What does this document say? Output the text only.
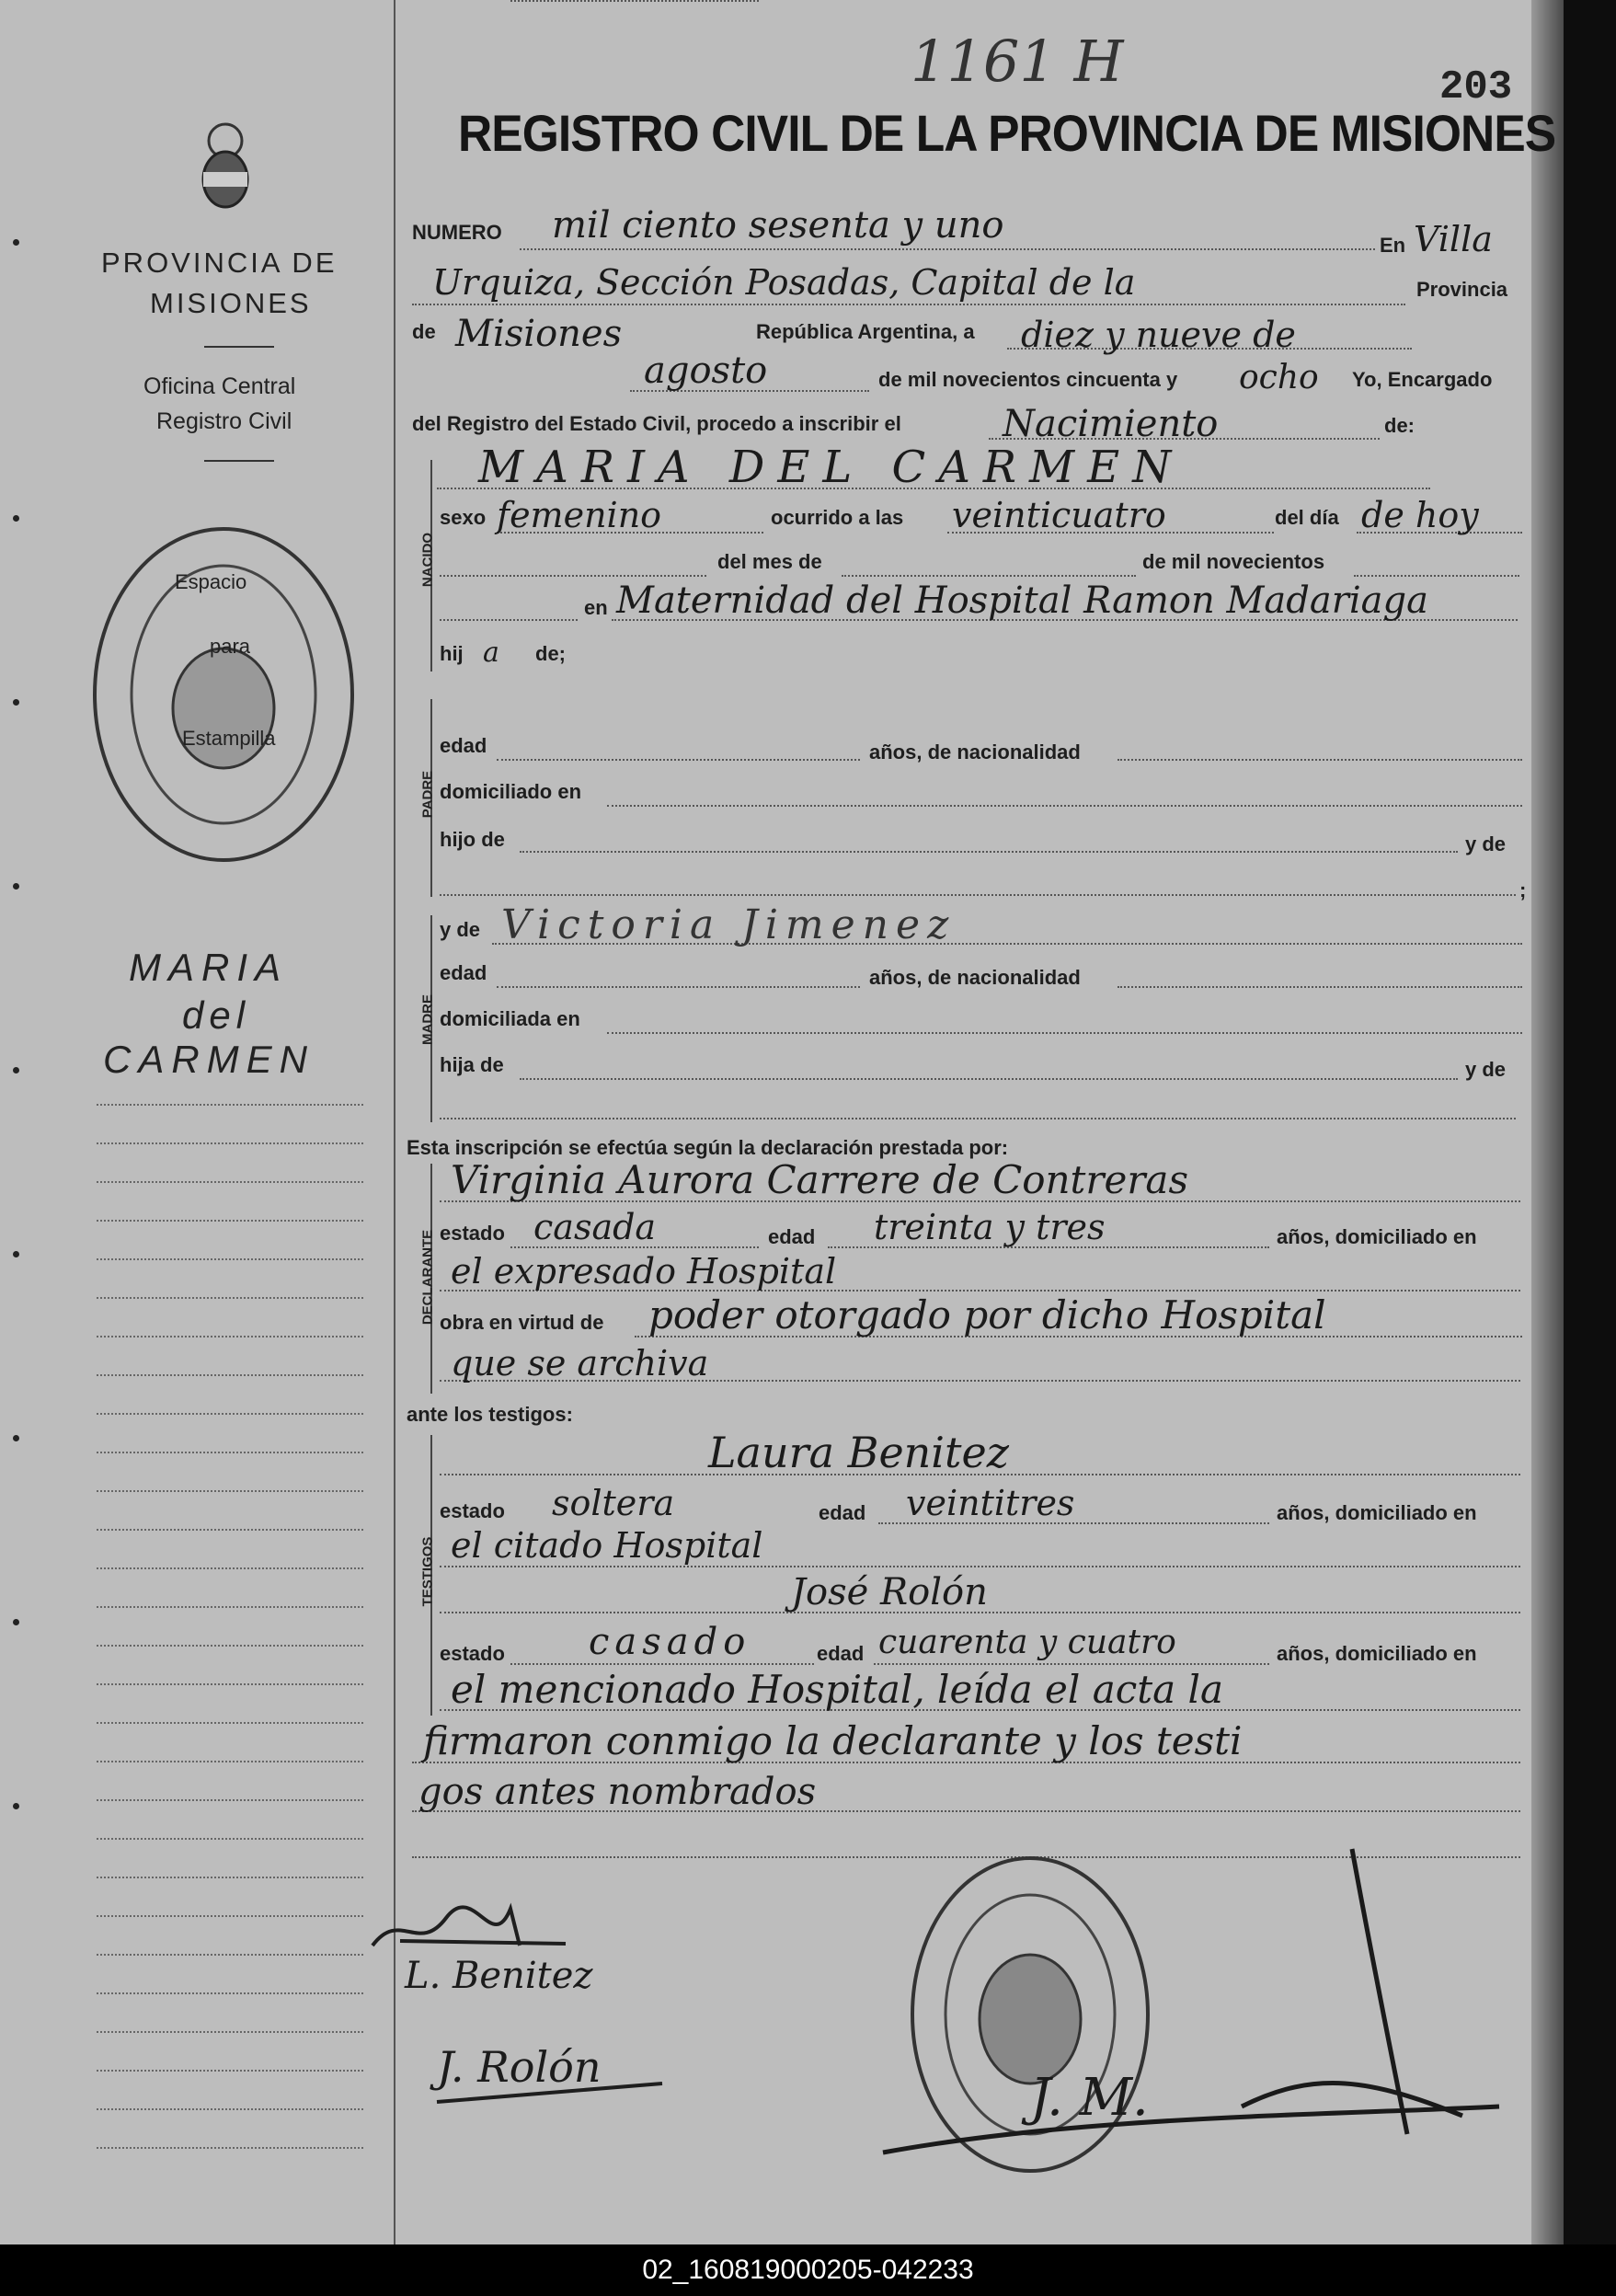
1161 H	203
REGISTRO CIVIL DE LA PROVINCIA DE MISIONES
PROVINCIA DE
MISIONES
Oficina Central
Registro Civil
Espacio
para
Estampilla
MARIA
del
CARMEN
NUMERO mil ciento sesenta y uno	En Villa
Urquiza, Sección Posadas, Capital de la	Provincia
de Misiones	República Argentina, a diez y nueve de
agosto	de mil novecientos cincuenta y ocho Yo, Encargado
del Registro del Estado Civil, procedo a inscribir el	Nacimiento	de:
NACIDO
MARIA DEL CARMEN
sexo femenino	ocurrido a las veinticuatro	del día de hoy
del mes de	de mil novecientos
en Maternidad del Hospital Ramon Madariaga
hij a de;
PADRE
edad	años, de nacionalidad
domiciliado en
hijo de	y de
;
MADRE
y de Victoria Jimenez
edad	años, de nacionalidad
domiciliada en
hija de	y de
Esta inscripción se efectúa según la declaración prestada por:
DECLARANTE
Virginia Aurora Carrere de Contreras
estado casada	edad treinta y tres	años, domiciliado en
el expresado Hospital
obra en virtud de poder otorgado por dicho Hospital
que se archiva
ante los testigos:
TESTIGOS
Laura Benitez
estado soltera	edad veintitres	años, domiciliado en
el citado Hospital
José Rolón
estado casado	edad cuarenta y cuatro	años, domiciliado en
el mencionado Hospital, leída el acta la
firmaron conmigo la declarante y los testi
gos antes nombrados
L. Benitez
J. Rolón
J. M.
02_160819000205-042233
